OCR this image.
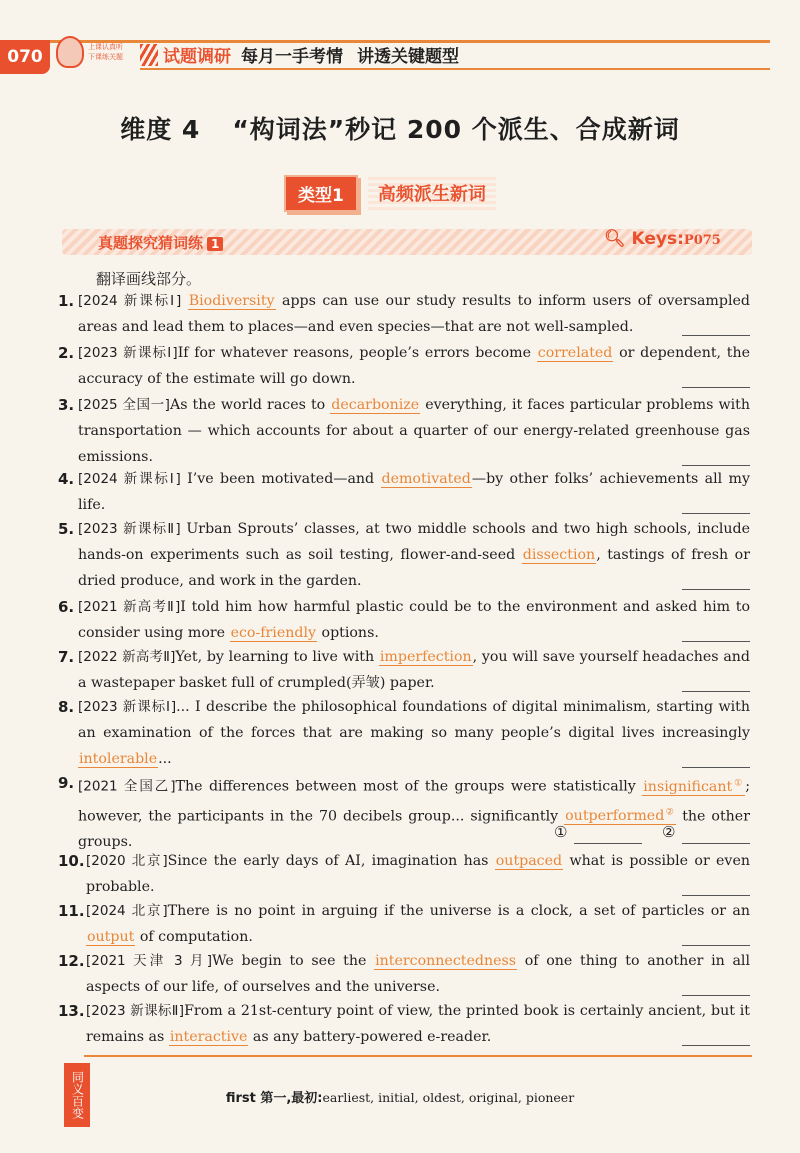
070	上课认真听
下课练关题 试题调研 每月一手考情 讲透关键题型
维度 4 “构词法”秒记 200 个派生、合成新词
类型1	高频派生新词
真题探究猜词练 1	🔍︎ Keys:P075
翻译画线部分。
1. [2024 新课标Ⅰ] Biodiversity apps can use our study results to inform users of oversampled areas and lead them to places—and even species—that are not well-sampled.
2. [2023 新课标Ⅰ]If for whatever reasons, people’s errors become correlated or dependent, the accuracy of the estimate will go down.
3. [2025 全国一]As the world races to decarbonize everything, it faces particular problems with transportation — which accounts for about a quarter of our energy-related greenhouse gas emissions.
4. [2024 新课标Ⅰ] I’ve been motivated—and demotivated—by other folks’ achievements all my life.
5. [2023 新课标Ⅱ] Urban Sprouts’ classes, at two middle schools and two high schools, include hands-on experiments such as soil testing, flower-and-seed dissection, tastings of fresh or dried produce, and work in the garden.
6. [2021 新高考Ⅱ]I told him how harmful plastic could be to the environment and asked him to consider using more eco-friendly options.
7. [2022 新高考Ⅱ]Yet, by learning to live with imperfection, you will save yourself headaches and a wastepaper basket full of crumpled(弄皱) paper.
8. [2023 新课标Ⅰ]... I describe the philosophical foundations of digital minimalism, starting with an examination of the forces that are making so many people’s digital lives increasingly intolerable...
9. [2021 全国乙]The differences between most of the groups were statistically insignificant①; however, the participants in the 70 decibels group... significantly outperformed② the other groups.
①	②
10. [2020 北京]Since the early days of AI, imagination has outpaced what is possible or even probable.
11. [2024 北京]There is no point in arguing if the universe is a clock, a set of particles or an output of computation.
12. [2021 天津 3 月]We begin to see the interconnectedness of one thing to another in all aspects of our life, of ourselves and the universe.
13. [2023 新课标Ⅱ]From a 21st-century point of view, the printed book is certainly ancient, but it remains as interactive as any battery-powered e-reader.
同义百变	first 第一,最初:earliest, initial, oldest, original, pioneer
